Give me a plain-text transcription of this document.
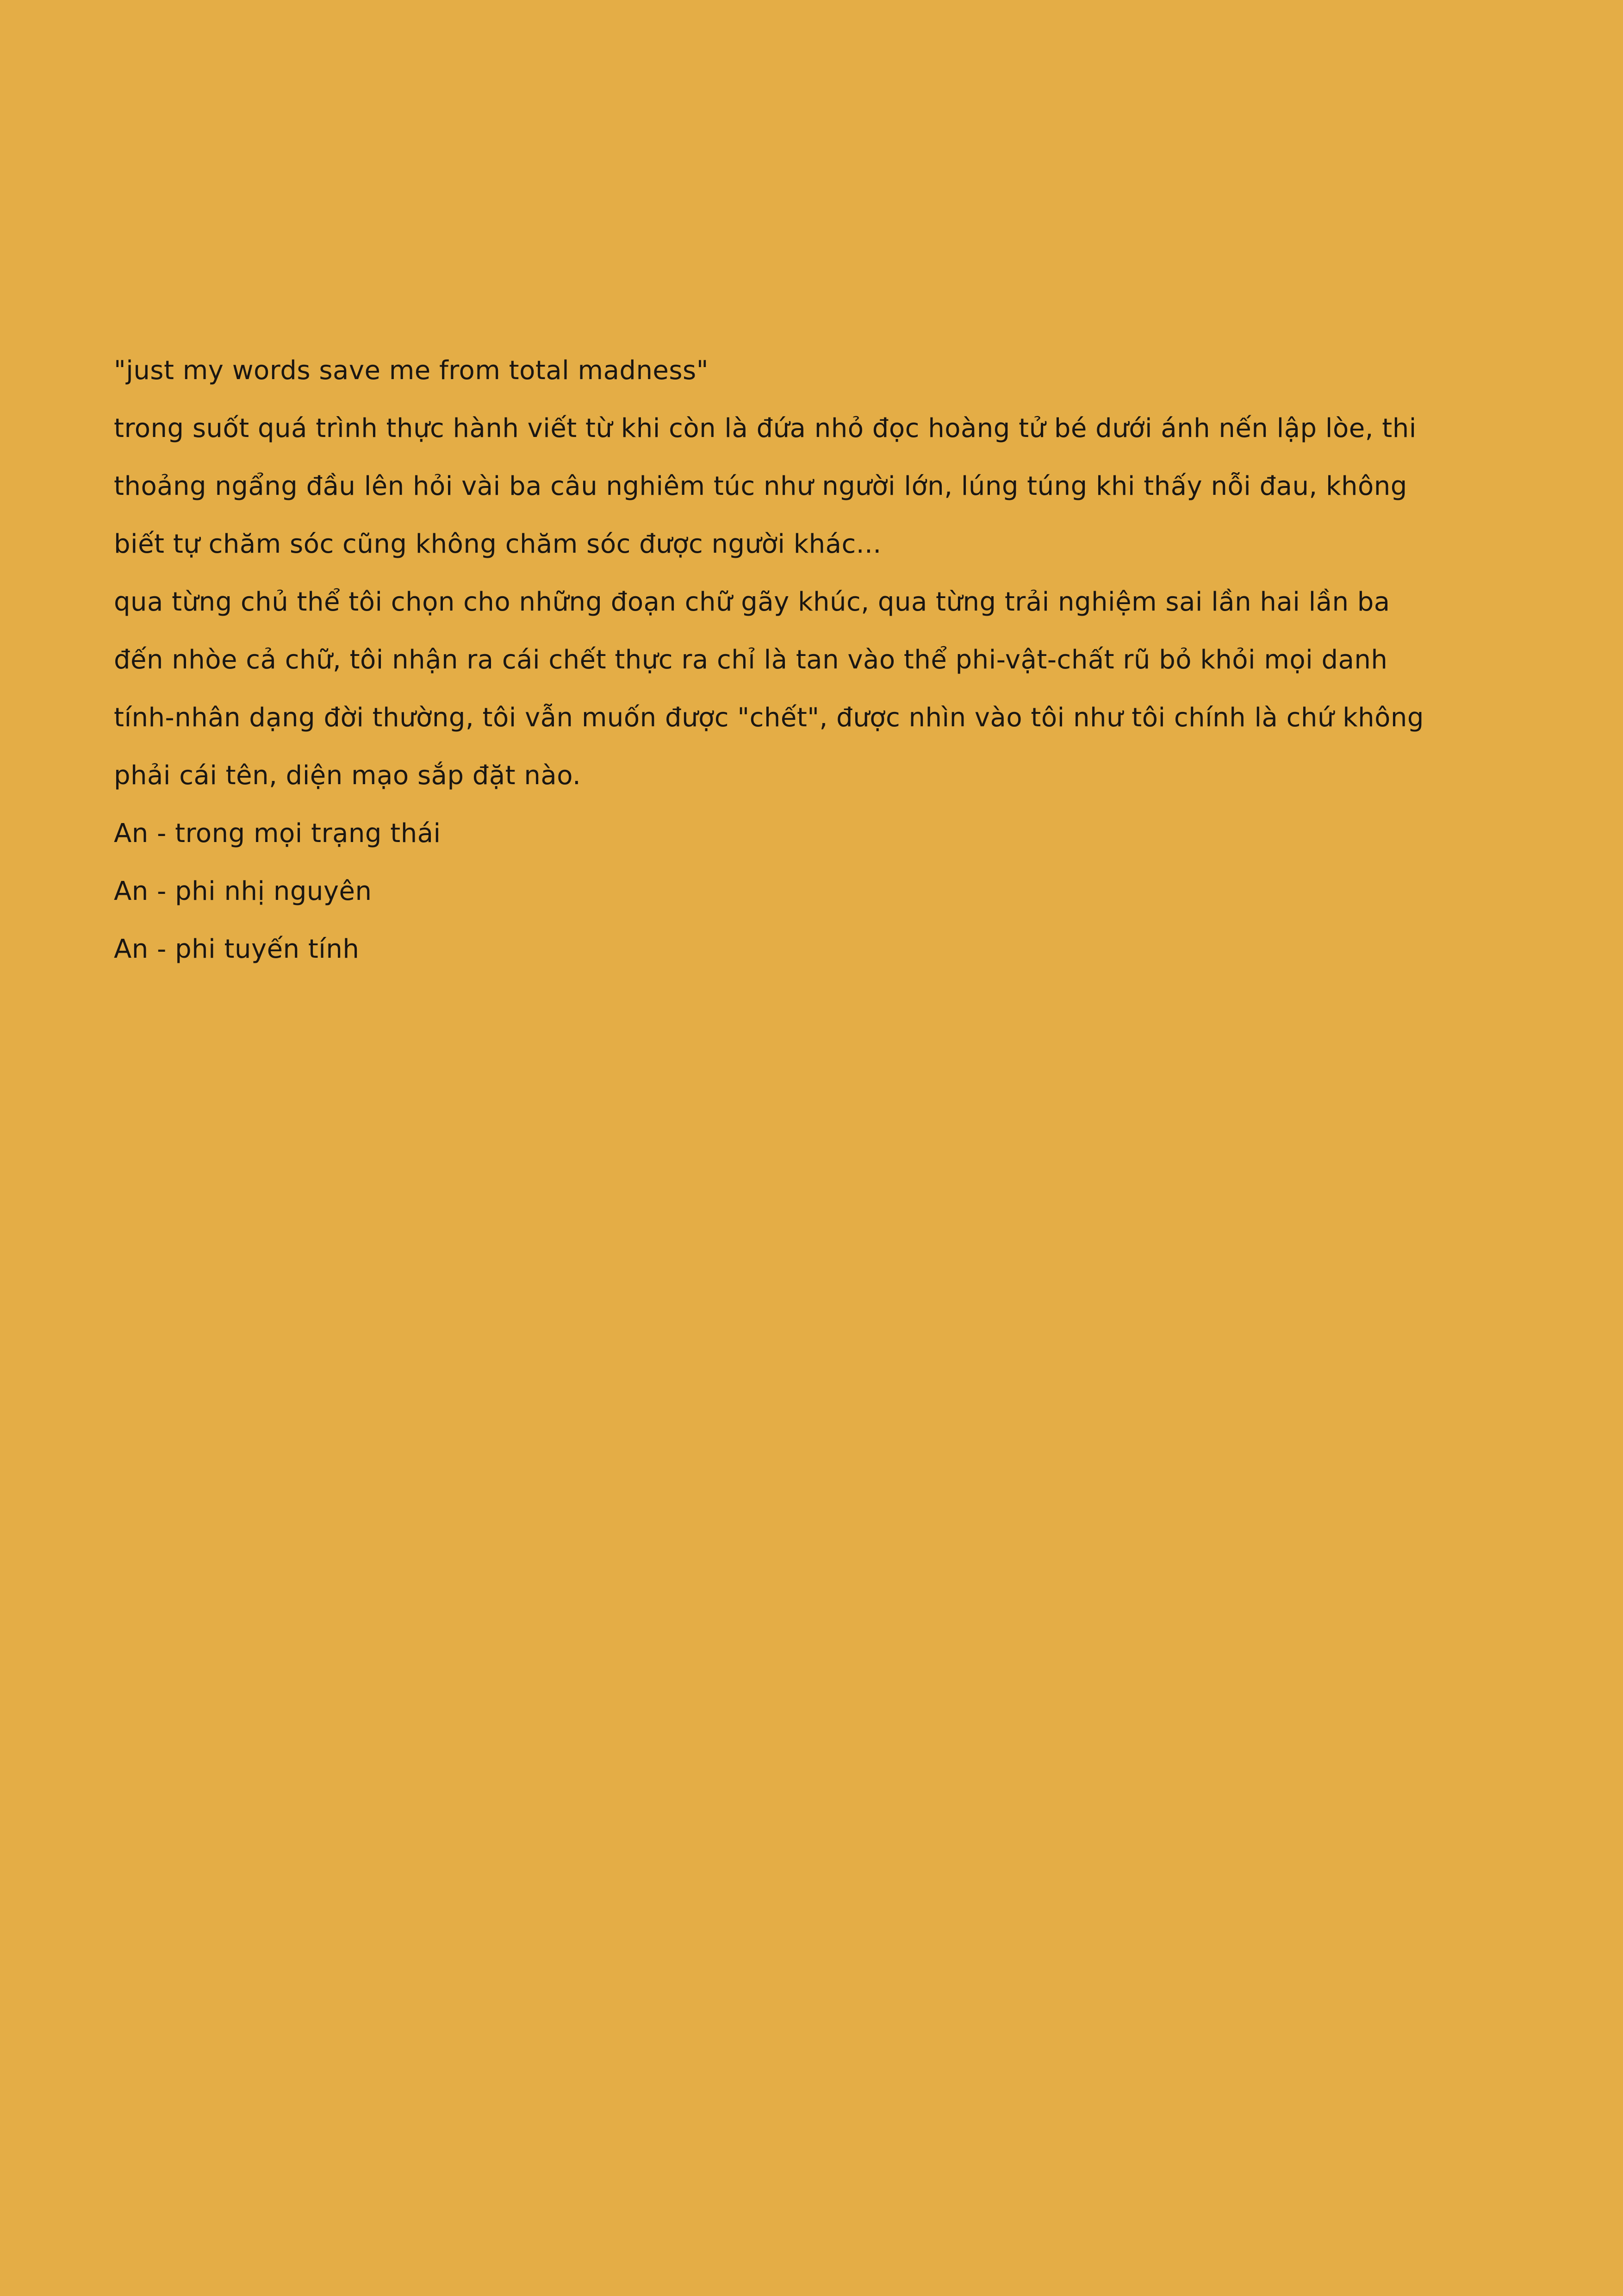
"just my words save me from total madness"
trong suốt quá trình thực hành viết từ khi còn là đứa nhỏ đọc hoàng tử bé dưới ánh nến lập lòe, thi
thoảng ngẩng đầu lên hỏi vài ba câu nghiêm túc như người lớn, lúng túng khi thấy nỗi đau, không
biết tự chăm sóc cũng không chăm sóc được người khác...
qua từng chủ thể tôi chọn cho những đoạn chữ gãy khúc, qua từng trải nghiệm sai lần hai lần ba
đến nhòe cả chữ, tôi nhận ra cái chết thực ra chỉ là tan vào thể phi-vật-chất rũ bỏ khỏi mọi danh
tính-nhân dạng đời thường, tôi vẫn muốn được "chết", được nhìn vào tôi như tôi chính là chứ không
phải cái tên, diện mạo sắp đặt nào.
An - trong mọi trạng thái
An - phi nhị nguyên
An - phi tuyến tính
